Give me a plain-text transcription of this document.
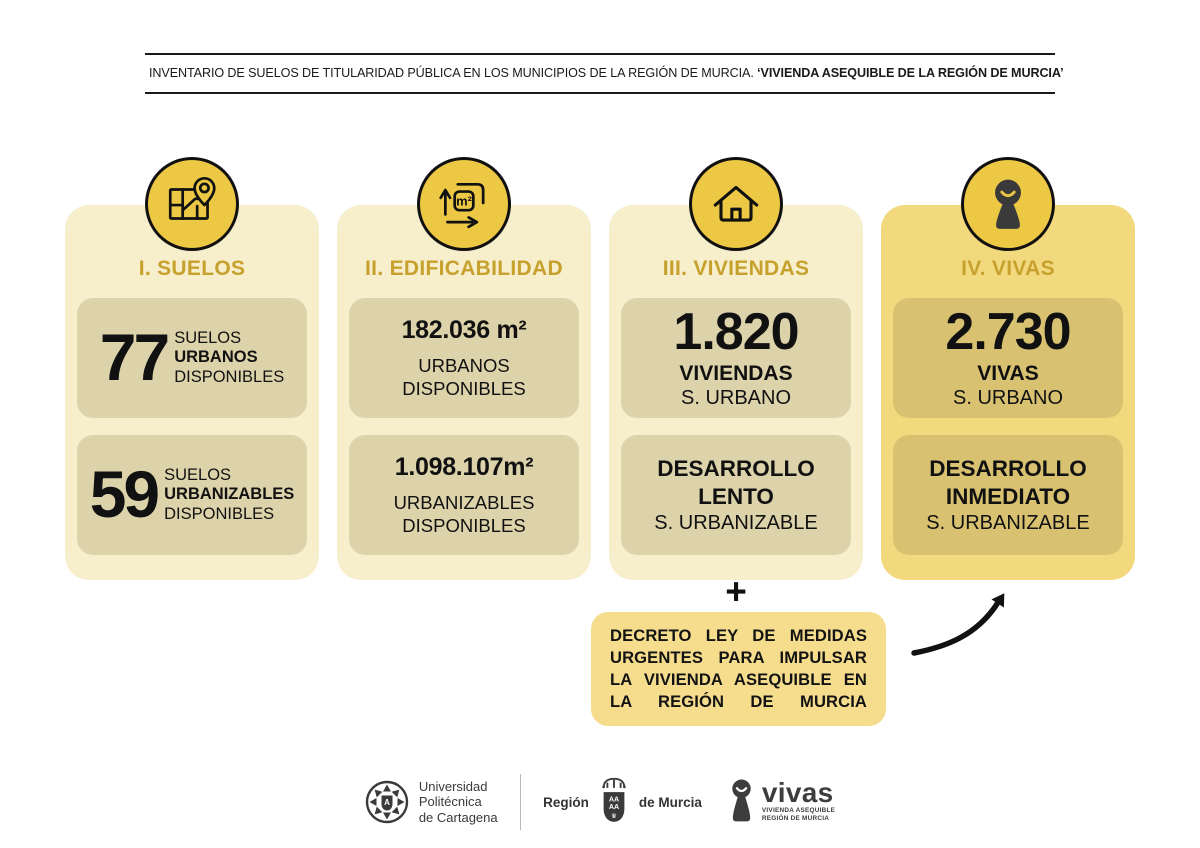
INVENTARIO DE SUELOS DE TITULARIDAD PÚBLICA EN LOS MUNICIPIOS DE LA REGIÓN DE MURCIA. ‘VIVIENDA ASEQUIBLE DE LA REGIÓN DE MURCIA’
I. SUELOS
77 SUELOS
URBANOS
DISPONIBLES
59 SUELOS
URBANIZABLES
DISPONIBLES
m²
II. EDIFICABILIDAD
182.036 m²
URBANOS
DISPONIBLES
1.098.107m²
URBANIZABLES
DISPONIBLES
III. VIVIENDAS
1.820
VIVIENDAS
S. URBANO
DESARROLLO LENTO
S. URBANIZABLE
IV. VIVAS
2.730
VIVAS
S. URBANO
DESARROLLO INMEDIATO
S. URBANIZABLE
+
DECRETO LEY DE MEDIDAS URGENTES PARA IMPULSAR LA VIVIENDA ASEQUIBLE EN LA REGIÓN DE MURCIA
A
Universidad
Politécnica
de Cartagena
Región	AA
AA
♛
de Murcia vivas
VIVIENDA ASEQUIBLE
REGIÓN DE MURCIA
